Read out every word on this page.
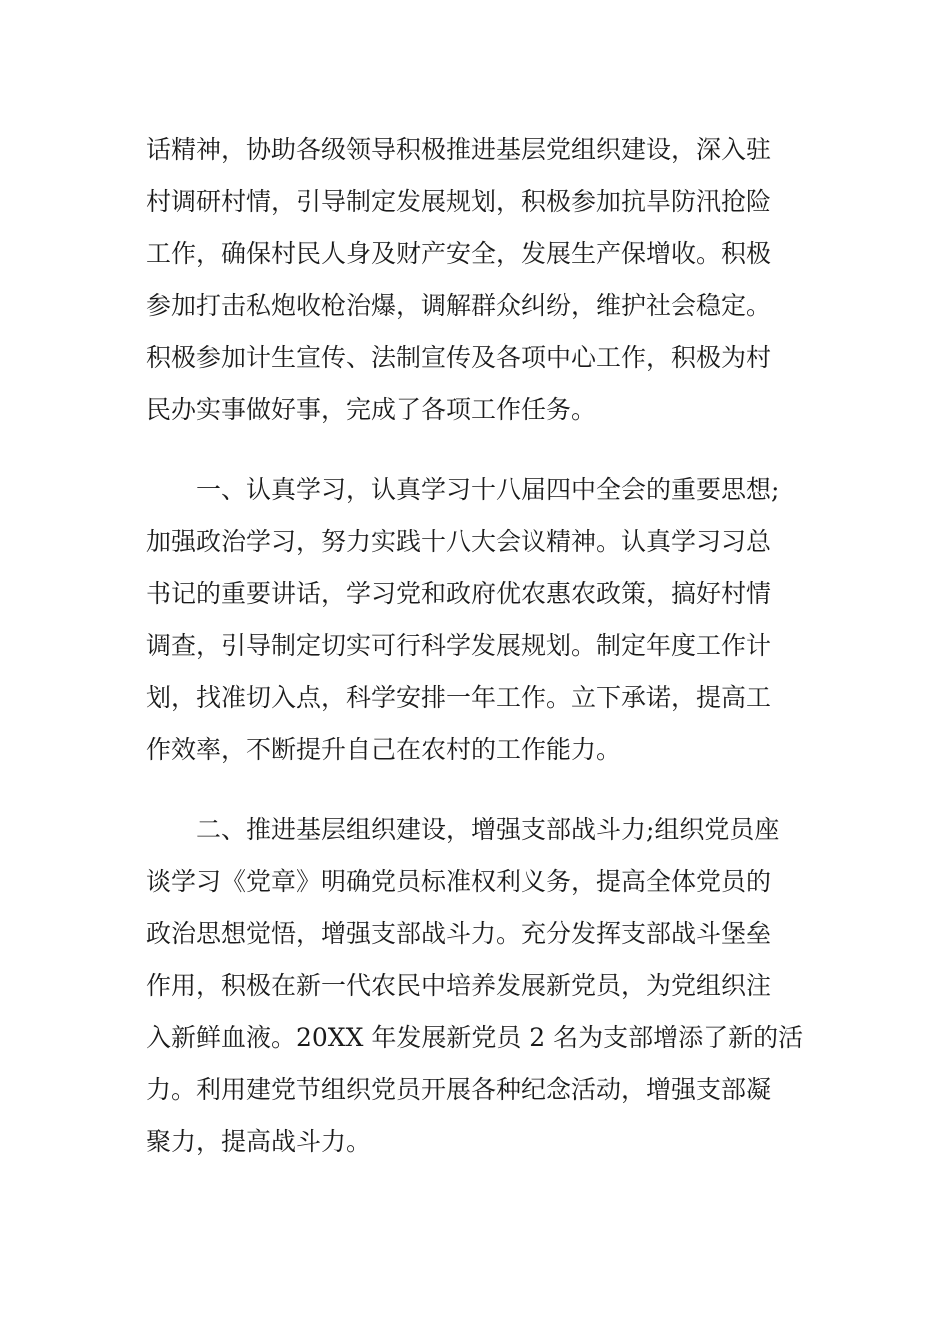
话精神，协助各级领导积极推进基层党组织建设，深入驻
村调研村情，引导制定发展规划，积极参加抗旱防汛抢险
工作，确保村民人身及财产安全，发展生产保增收。积极
参加打击私炮收枪治爆，调解群众纠纷，维护社会稳定。
积极参加计生宣传、法制宣传及各项中心工作，积极为村
民办实事做好事，完成了各项工作任务。
一、认真学习，认真学习十八届四中全会的重要思想;
加强政治学习，努力实践十八大会议精神。认真学习习总
书记的重要讲话，学习党和政府优农惠农政策，搞好村情
调查，引导制定切实可行科学发展规划。制定年度工作计
划，找准切入点，科学安排一年工作。立下承诺，提高工
作效率，不断提升自己在农村的工作能力。
二、推进基层组织建设，增强支部战斗力;组织党员座
谈学习《党章》明确党员标准权利义务，提高全体党员的
政治思想觉悟，增强支部战斗力。充分发挥支部战斗堡垒
作用，积极在新一代农民中培养发展新党员，为党组织注
入新鲜血液。20XX 年发展新党员 2 名为支部增添了新的活
力。利用建党节组织党员开展各种纪念活动，增强支部凝
聚力，提高战斗力。
